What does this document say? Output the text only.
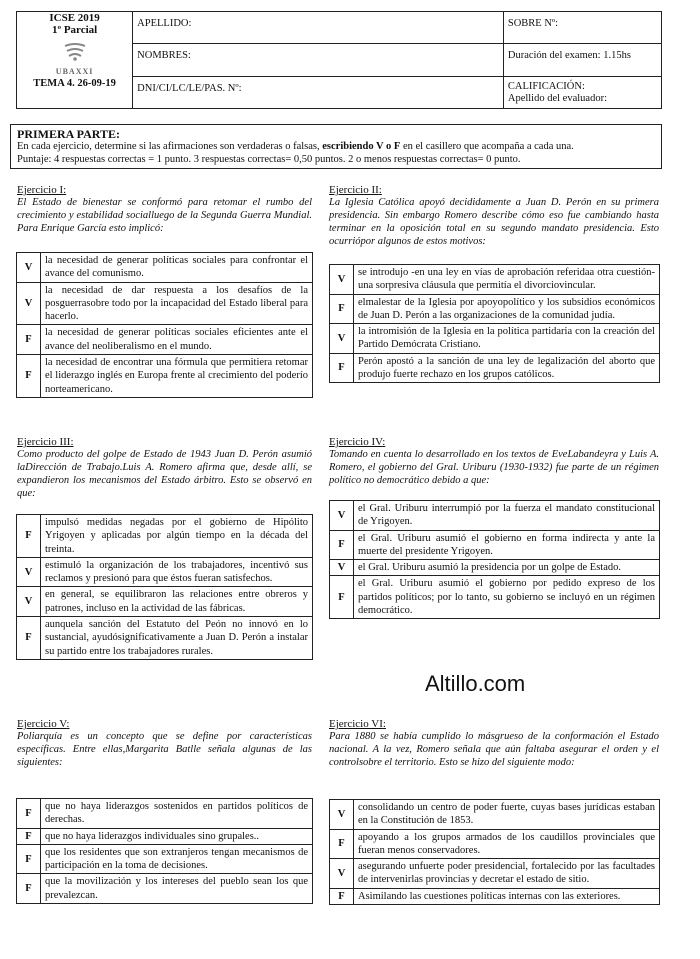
ICSE 2019
1º Parcial
UBAXXI
TEMA 4. 26-09-19	APELLIDO:	SOBRE Nº:
	NOMBRES:	Duración del examen: 1.15hs
	DNI/CI/LC/LE/PAS. Nº:	CALIFICACIÓN:
Apellido del evaluador:
PRIMERA PARTE:
En cada ejercicio, determine si las afirmaciones son verdaderas o falsas, escribiendo V o F en el casillero que acompaña a cada una.
Puntaje: 4 respuestas correctas = 1 punto. 3 respuestas correctas= 0,50 puntos. 2 o menos respuestas correctas= 0 punto.
Ejercicio I:
El Estado de bienestar se conformó para retomar el rumbo del crecimiento y estabilidad socialluego de la Segunda Guerra Mundial. Para Enrique García esto implicó:
V	la necesidad de generar políticas sociales para confrontar el avance del comunismo.
V	la necesidad de dar respuesta a los desafíos de la posguerrasobre todo por la incapacidad del Estado liberal para hacerlo.
F	la necesidad de generar políticas sociales eficientes ante el avance del neoliberalismo en el mundo.
F	la necesidad de encontrar una fórmula que permitiera retomar el liderazgo inglés en Europa frente al crecimiento del poderío norteamericano.
Ejercicio II:
La Iglesia Católica apoyó decididamente a Juan D. Perón en su primera presidencia. Sin embargo Romero describe cómo eso fue cambiando hasta terminar en la oposición total en su segundo mandato presidencia. Esto ocurriópor algunos de estos motivos:
V	se introdujo -en una ley en vías de aprobación referidaa otra cuestión- una sorpresiva cláusula que permitía el divorciovincular.
F	elmalestar de la Iglesia por apoyopolítico y los subsidios económicos de Juan D. Perón a las organizaciones de la comunidad judía.
V	la intromisión de la Iglesia en la política partidaria con la creación del Partido Demócrata Cristiano.
F	Perón apostó a la sanción de una ley de legalización del aborto que produjo fuerte rechazo en los grupos católicos.
Ejercicio III:
Como producto del golpe de Estado de 1943 Juan D. Perón asumió laDirección de Trabajo.Luis A. Romero afirma que, desde allí, se expandieron los mecanismos del Estado árbitro. Esto se observó en que:
F	impulsó medidas negadas por el gobierno de Hipólito Yrigoyen y aplicadas por algún tiempo en la década del treinta.
V	estimuló la organización de los trabajadores, incentivó sus reclamos y presionó para que éstos fueran satisfechos.
V	en general, se equilibraron las relaciones entre obreros y patrones, incluso en la actividad de las fábricas.
F	aunquela sanción del Estatuto del Peón no innovó en lo sustancial, ayudósignificativamente a Juan D. Perón a instalar su partido entre los trabajadores rurales.
Ejercicio IV:
Tomando en cuenta lo desarrollado en los textos de EveLabandeyra y Luis A. Romero, el gobierno del Gral. Uriburu (1930-1932) fue parte de un régimen político no democrático debido a que:
V	el Gral. Uriburu interrumpió por la fuerza el mandato constitucional de Yrigoyen.
F	el Gral. Uriburu asumió el gobierno en forma indirecta y ante la muerte del presidente Yrigoyen.
V	el Gral. Uriburu asumió la presidencia por un golpe de Estado.
F	el Gral. Uriburu asumió el gobierno por pedido expreso de los partidos políticos; por lo tanto, su gobierno se incluyó en un régimen democrático.
Altillo.com
Ejercicio V:
Poliarquía es un concepto que se define por características específicas. Entre ellas,Margarita Batlle señala algunas de las siguientes:
F	que no haya liderazgos sostenidos en partidos políticos de derechas.
F	que no haya liderazgos individuales sino grupales..
F	que los residentes que son extranjeros tengan mecanismos de participación en la toma de decisiones.
F	que la movilización y los intereses del pueblo sean los que prevalezcan.
Ejercicio VI:
Para 1880 se había cumplido lo másgrueso de la conformación el Estado nacional. A la vez, Romero señala que aún faltaba asegurar el orden y el controlsobre el territorio. Esto se hizo del siguiente modo:
V	consolidando un centro de poder fuerte, cuyas bases jurídicas estaban en la Constitución de 1853.
F	apoyando a los grupos armados de los caudillos provinciales que fueran menos conservadores.
V	asegurando unfuerte poder presidencial, fortalecido por las facultades de intervenirlas provincias y decretar el estado de sitio.
F	Asimilando las cuestiones políticas internas con las exteriores.
